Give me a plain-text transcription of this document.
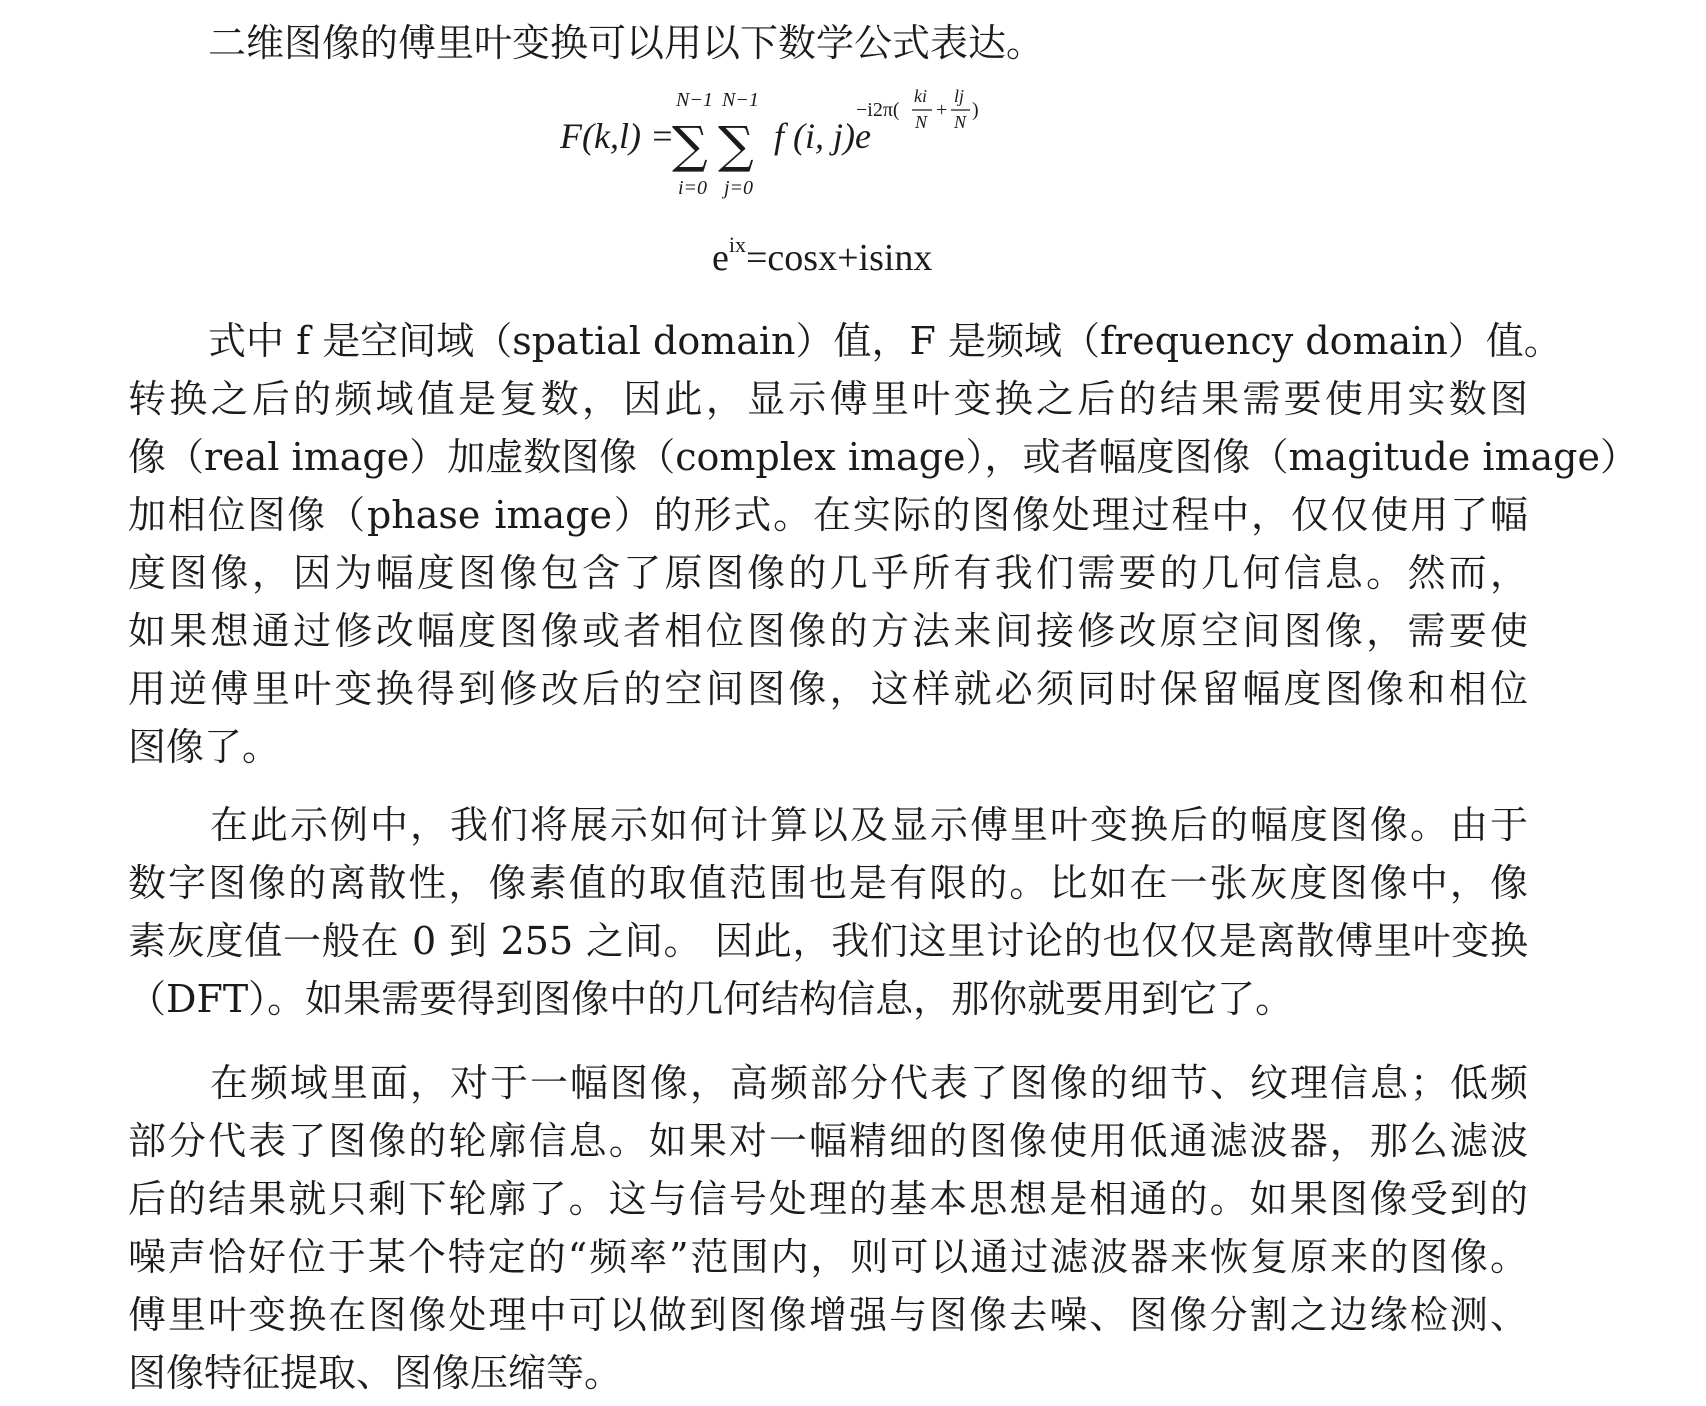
二维图像的傅里叶变换可以用以下数学公式表达。
F(k,l) =
N−1
∑
i=0
N−1
∑
j=0
f (i, j)e
−i2π(
ki
N
+
lj
N
)
$e^{ix}=\cos x+isinx$
式中 f 是空间域（spatial domain）值，F 是频域（frequency domain）值。
转换之后的频域值是复数，因此，显示傅里叶变换之后的结果需要使用实数图
像（real image）加虚数图像（complex image），或者幅度图像（magitude image）
加相位图像（phase image）的形式。在实际的图像处理过程中，仅仅使用了幅
度图像，因为幅度图像包含了原图像的几乎所有我们需要的几何信息。然而，
如果想通过修改幅度图像或者相位图像的方法来间接修改原空间图像，需要使
用逆傅里叶变换得到修改后的空间图像，这样就必须同时保留幅度图像和相位
图像了。
在此示例中，我们将展示如何计算以及显示傅里叶变换后的幅度图像。由于
数字图像的离散性，像素值的取值范围也是有限的。比如在一张灰度图像中，像
素灰度值一般在 0 到 255 之间。 因此，我们这里讨论的也仅仅是离散傅里叶变换
（DFT）。如果需要得到图像中的几何结构信息，那你就要用到它了。
在频域里面，对于一幅图像，高频部分代表了图像的细节、纹理信息；低频
部分代表了图像的轮廓信息。如果对一幅精细的图像使用低通滤波器，那么滤波
后的结果就只剩下轮廓了。这与信号处理的基本思想是相通的。如果图像受到的
噪声恰好位于某个特定的“频率”范围内，则可以通过滤波器来恢复原来的图像。
傅里叶变换在图像处理中可以做到图像增强与图像去噪、图像分割之边缘检测、
图像特征提取、图像压缩等。
